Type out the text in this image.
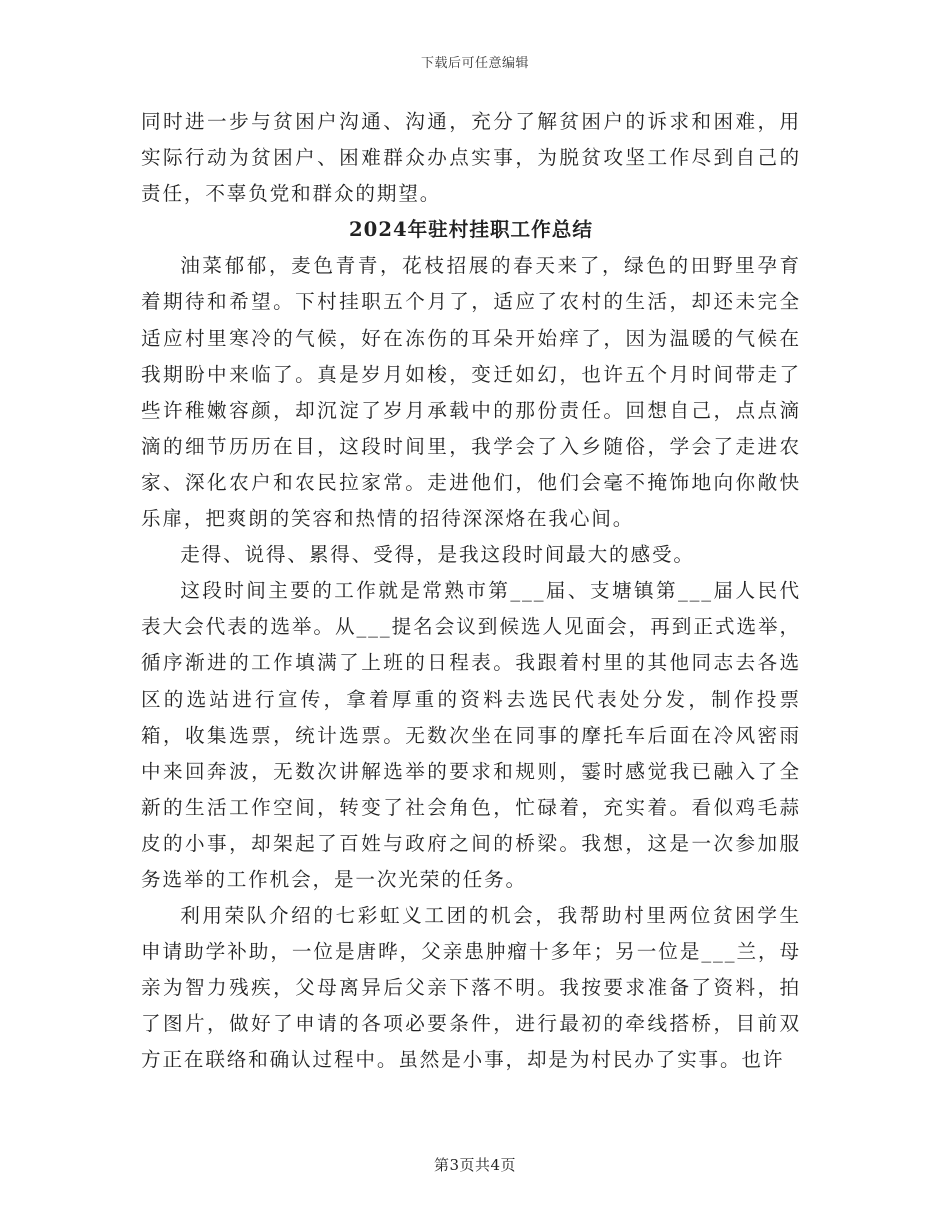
下载后可任意编辑

同时进一步与贫困户沟通、沟通，充分了解贫困户的诉求和困难，用实际行动为贫困户、困难群众办点实事，为脱贫攻坚工作尽到自己的责任，不辜负党和群众的期望。

2024年驻村挂职工作总结

油菜郁郁，麦色青青，花枝招展的春天来了，绿色的田野里孕育着期待和希望。下村挂职五个月了，适应了农村的生活，却还未完全适应村里寒冷的气候，好在冻伤的耳朵开始痒了，因为温暖的气候在我期盼中来临了。真是岁月如梭，变迁如幻，也许五个月时间带走了些许稚嫩容颜，却沉淀了岁月承载中的那份责任。回想自己，点点滴滴的细节历历在目，这段时间里，我学会了入乡随俗，学会了走进农家、深化农户和农民拉家常。走进他们，他们会毫不掩饰地向你敞快乐扉，把爽朗的笑容和热情的招待深深烙在我心间。

走得、说得、累得、受得，是我这段时间最大的感受。

这段时间主要的工作就是常熟市第___届、支塘镇第___届人民代表大会代表的选举。从___提名会议到候选人见面会，再到正式选举，循序渐进的工作填满了上班的日程表。我跟着村里的其他同志去各选区的选站进行宣传，拿着厚重的资料去选民代表处分发，制作投票箱，收集选票，统计选票。无数次坐在同事的摩托车后面在冷风密雨中来回奔波，无数次讲解选举的要求和规则，霎时感觉我已融入了全新的生活工作空间，转变了社会角色，忙碌着，充实着。看似鸡毛蒜皮的小事，却架起了百姓与政府之间的桥梁。我想，这是一次参加服务选举的工作机会，是一次光荣的任务。

利用荣队介绍的七彩虹义工团的机会，我帮助村里两位贫困学生申请助学补助，一位是唐晔，父亲患肿瘤十多年；另一位是___兰，母亲为智力残疾，父母离异后父亲下落不明。我按要求准备了资料，拍了图片，做好了申请的各项必要条件，进行最初的牵线搭桥，目前双方正在联络和确认过程中。虽然是小事，却是为村民办了实事。也许

第3页共4页
